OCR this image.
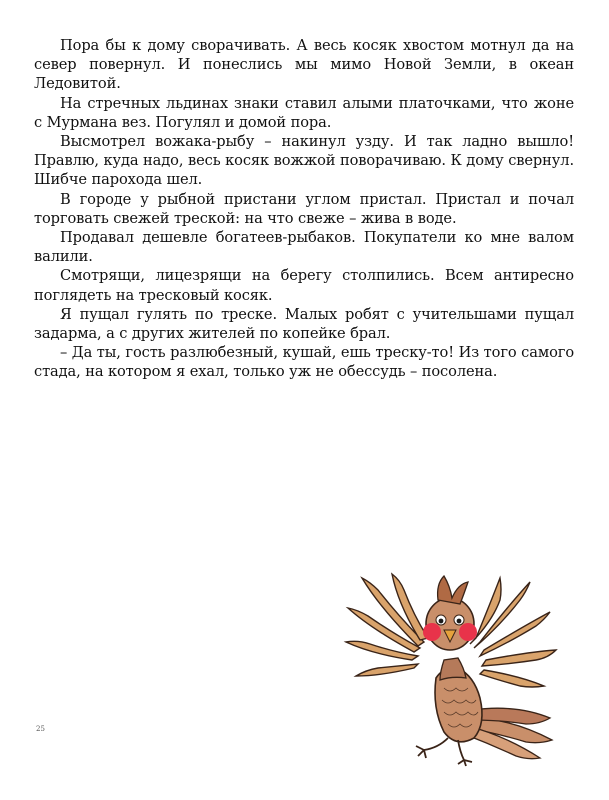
Пора бы к дому сворачивать. А весь косяк хвостом мотнул да на север повернул. И понеслись мы мимо Новой Земли, в океан Ледовитой.

На стречных льдинах знаки ставил алыми платочками, что жоне с Мурмана вез. Погулял и домой пора.

Высмотрел вожака-рыбу – накинул узду. И так ладно вышло! Правлю, куда надо, весь косяк вожжой поворачиваю. К дому свернул. Шибче парохода шел.

В городе у рыбной пристани углом пристал. Пристал и почал торговать свежей треской: на что свеже – жива в воде.

Продавал дешевле богатеев-рыбаков. Покупатели ко мне валом валили.

Смотрящи, лицезрящи на берегу столпились. Всем антиресно поглядеть на тресковый косяк.

Я пущал гулять по треске. Малых робят с учительшами пущал задарма, а с других жителей по копейке брал.

– Да ты, гость разлюбезный, кушай, ешь треску-то! Из того самого стада, на котором я ехал, только уж не обессудь – посолена.

25
